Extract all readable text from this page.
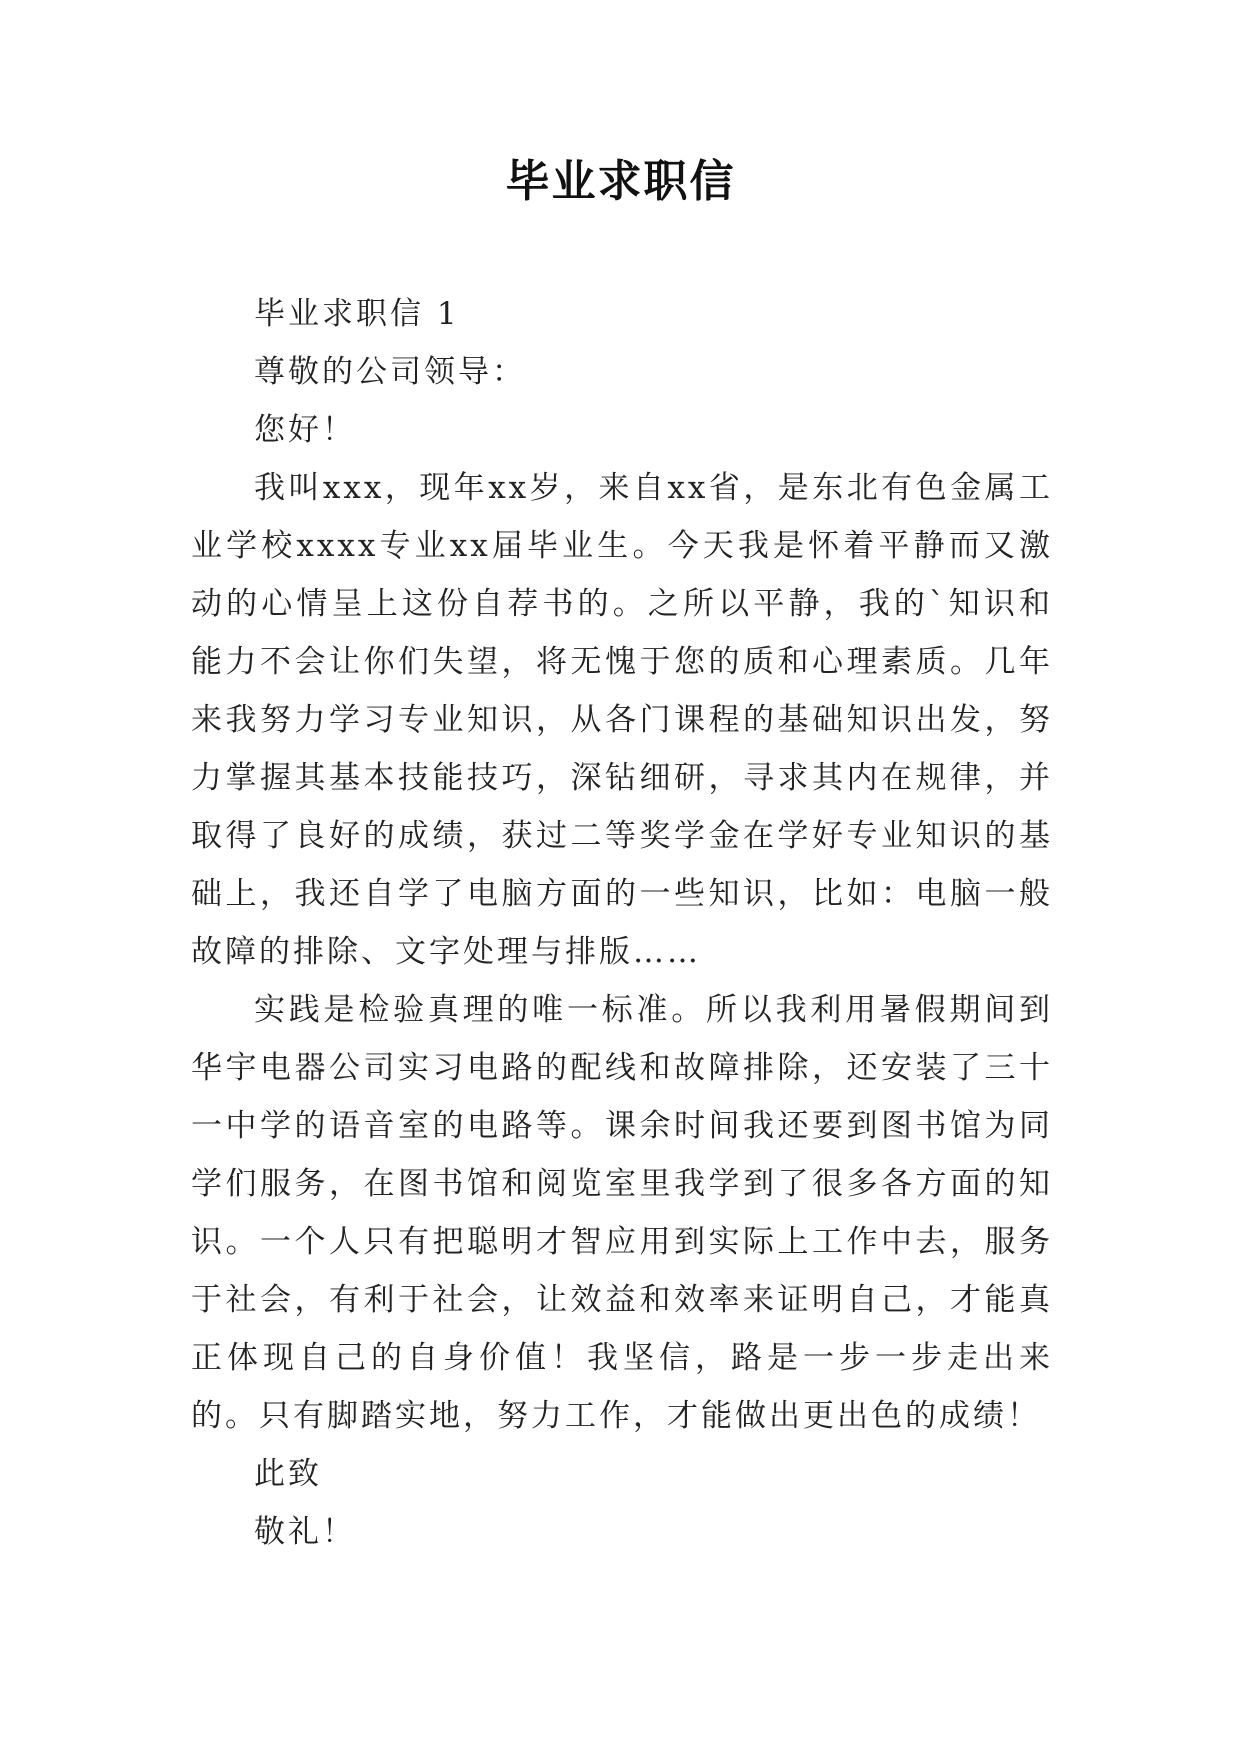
毕业求职信

毕业求职信 1

尊敬的公司领导：

您好！

我叫xxx，现年xx岁，来自xx省，是东北有色金属工业学校xxxx专业xx届毕业生。今天我是怀着平静而又激动的心情呈上这份自荐书的。之所以平静，我的`知识和能力不会让你们失望，将无愧于您的质和心理素质。几年来我努力学习专业知识，从各门课程的基础知识出发，努力掌握其基本技能技巧，深钻细研，寻求其内在规律，并取得了良好的成绩，获过二等奖学金在学好专业知识的基础上，我还自学了电脑方面的一些知识，比如：电脑一般故障的排除、文字处理与排版……

实践是检验真理的唯一标准。所以我利用暑假期间到华宇电器公司实习电路的配线和故障排除，还安装了三十一中学的语音室的电路等。课余时间我还要到图书馆为同学们服务，在图书馆和阅览室里我学到了很多各方面的知识。一个人只有把聪明才智应用到实际上工作中去，服务于社会，有利于社会，让效益和效率来证明自己，才能真正体现自己的自身价值！我坚信，路是一步一步走出来的。只有脚踏实地，努力工作，才能做出更出色的成绩！

此致

敬礼！
